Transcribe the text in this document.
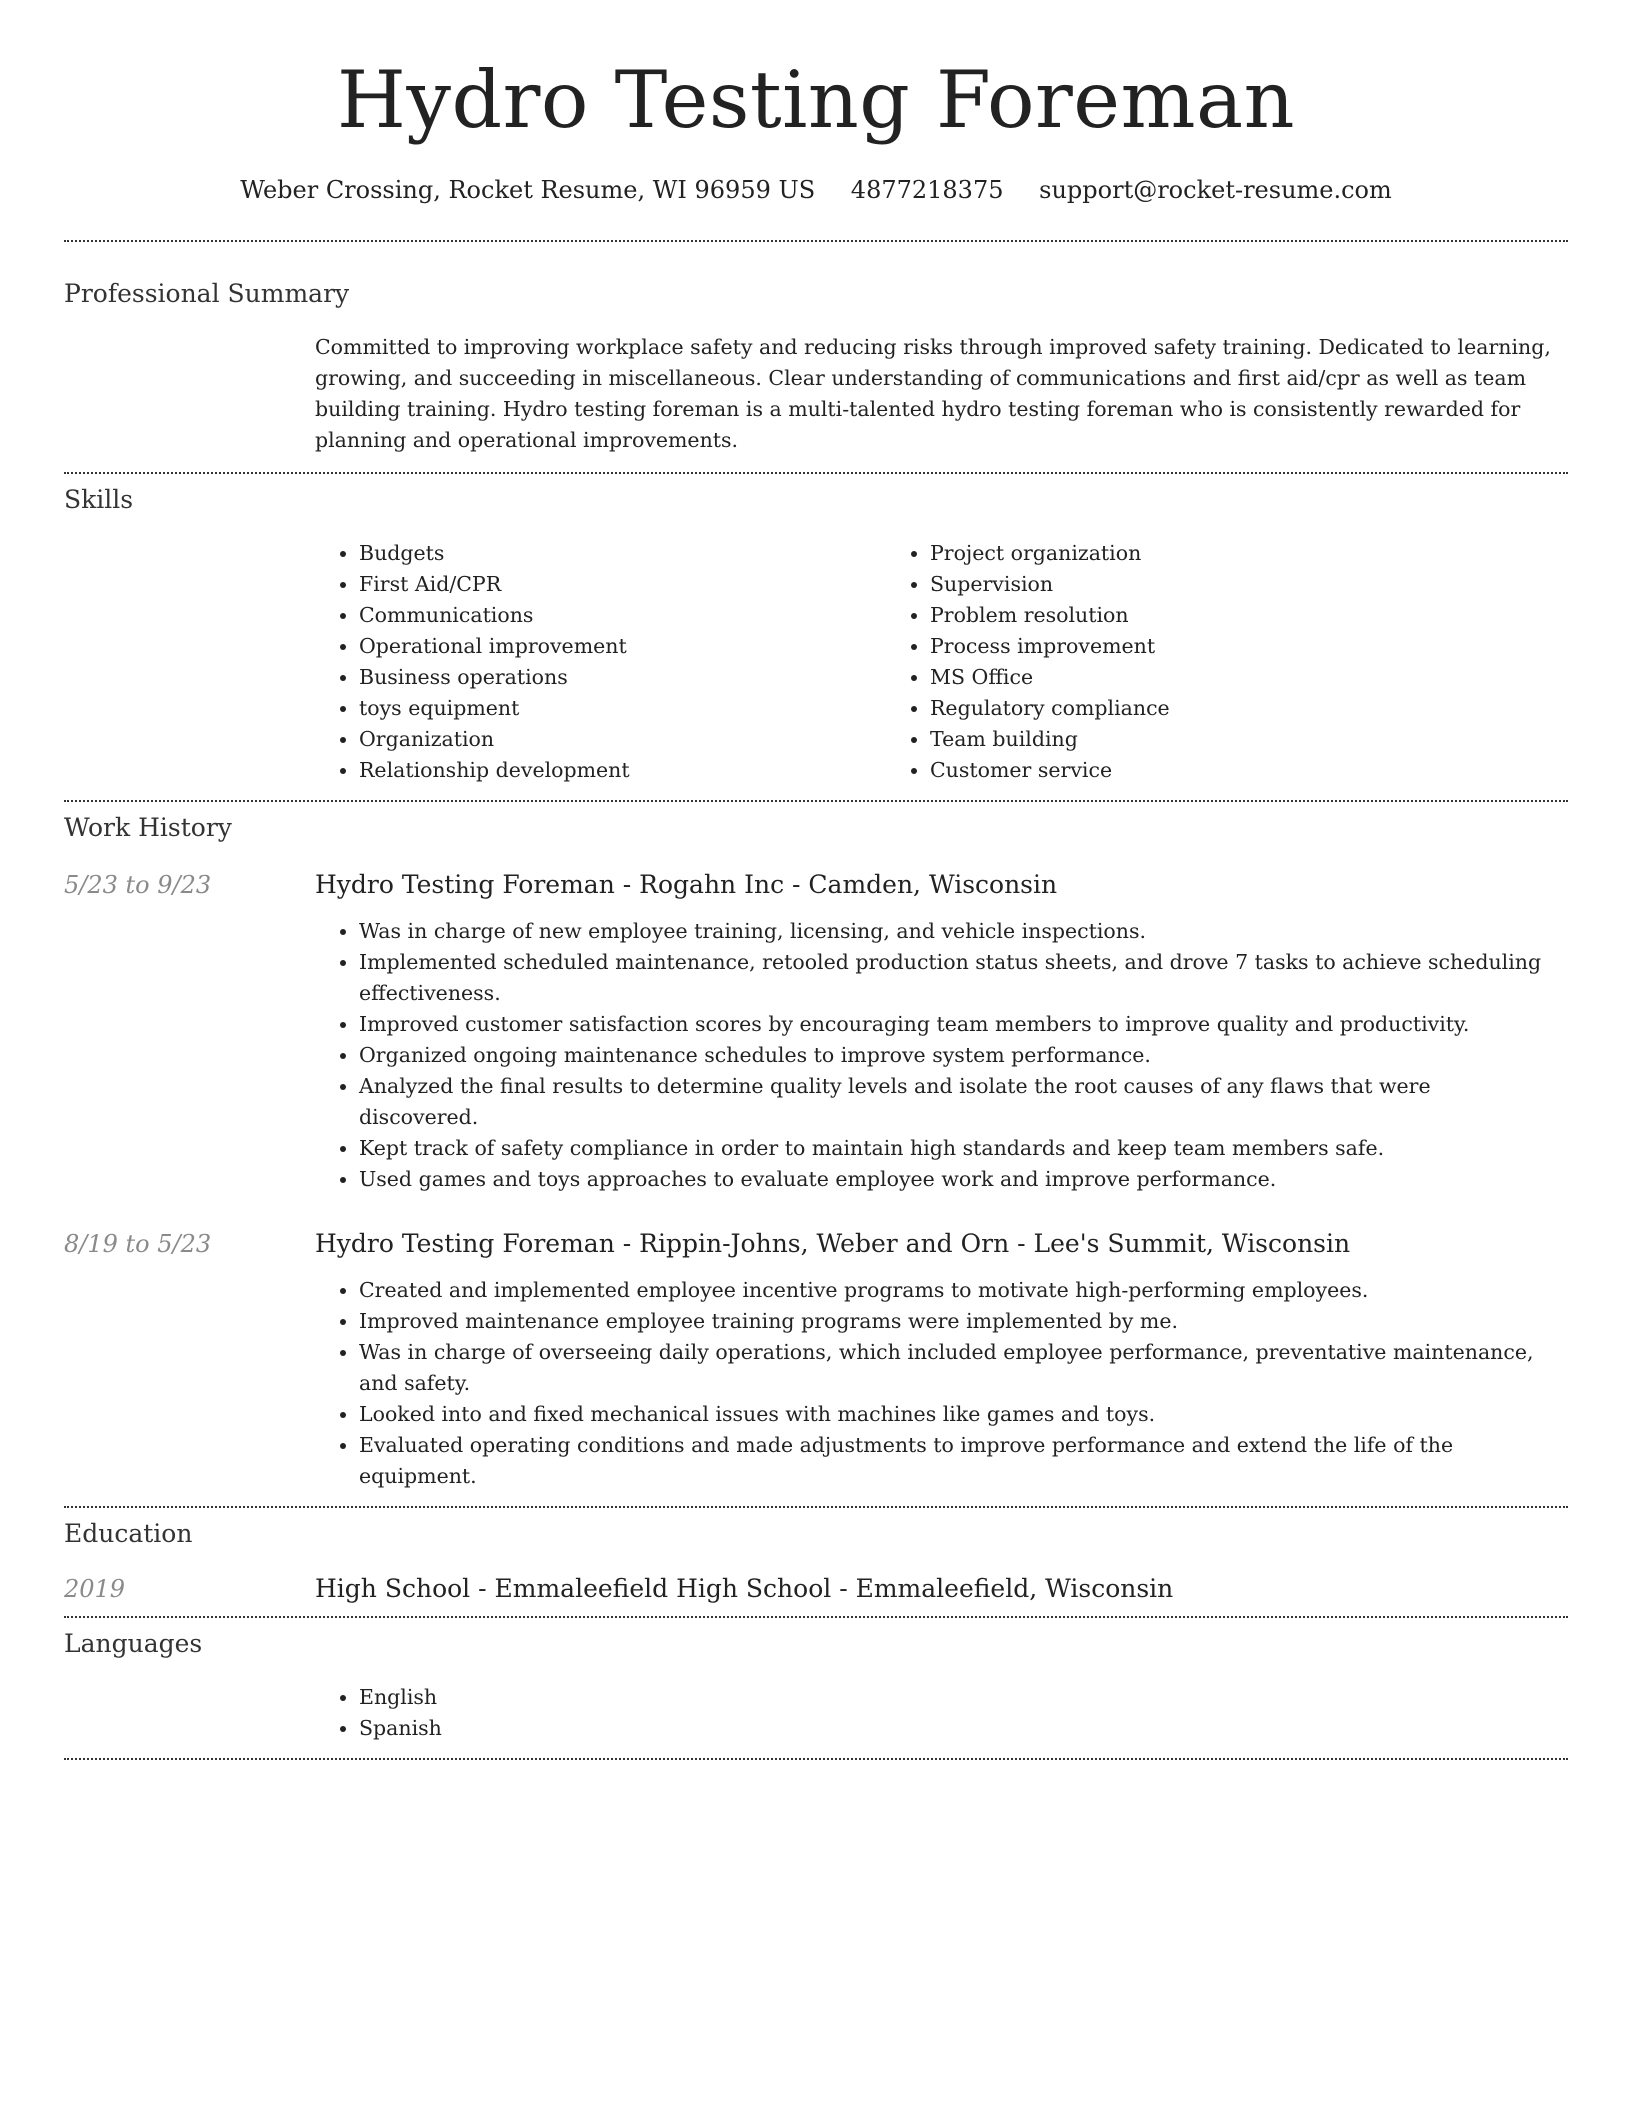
Hydro Testing Foreman
Weber Crossing, Rocket Resume, WI 96959 US 4877218375 support@rocket-resume.com
Professional Summary

Committed to improving workplace safety and reducing risks through improved safety training. Dedicated to learning, growing, and succeeding in miscellaneous. Clear understanding of communications and first aid/cpr as well as team building training. Hydro testing foreman is a multi-talented hydro testing foreman who is consistently rewarded for planning and operational improvements.

Skills
• Budgets
• First Aid/CPR
• Communications
• Operational improvement
• Business operations
• toys equipment
• Organization
• Relationship development
• Project organization
• Supervision
• Problem resolution
• Process improvement
• MS Office
• Regulatory compliance
• Team building
• Customer service
Work History
5/23 to 9/23	Hydro Testing Foreman - Rogahn Inc - Camden, Wisconsin
• Was in charge of new employee training, licensing, and vehicle inspections.
• Implemented scheduled maintenance, retooled production status sheets, and drove 7 tasks to achieve scheduling effectiveness.
• Improved customer satisfaction scores by encouraging team members to improve quality and productivity.
• Organized ongoing maintenance schedules to improve system performance.
• Analyzed the final results to determine quality levels and isolate the root causes of any flaws that were discovered.
• Kept track of safety compliance in order to maintain high standards and keep team members safe.
• Used games and toys approaches to evaluate employee work and improve performance.
8/19 to 5/23	Hydro Testing Foreman - Rippin-Johns, Weber and Orn - Lee's Summit, Wisconsin
• Created and implemented employee incentive programs to motivate high-performing employees.
• Improved maintenance employee training programs were implemented by me.
• Was in charge of overseeing daily operations, which included employee performance, preventative maintenance, and safety.
• Looked into and fixed mechanical issues with machines like games and toys.
• Evaluated operating conditions and made adjustments to improve performance and extend the life of the equipment.
Education
2019	High School - Emmaleefield High School - Emmaleefield, Wisconsin
Languages
• English
• Spanish
